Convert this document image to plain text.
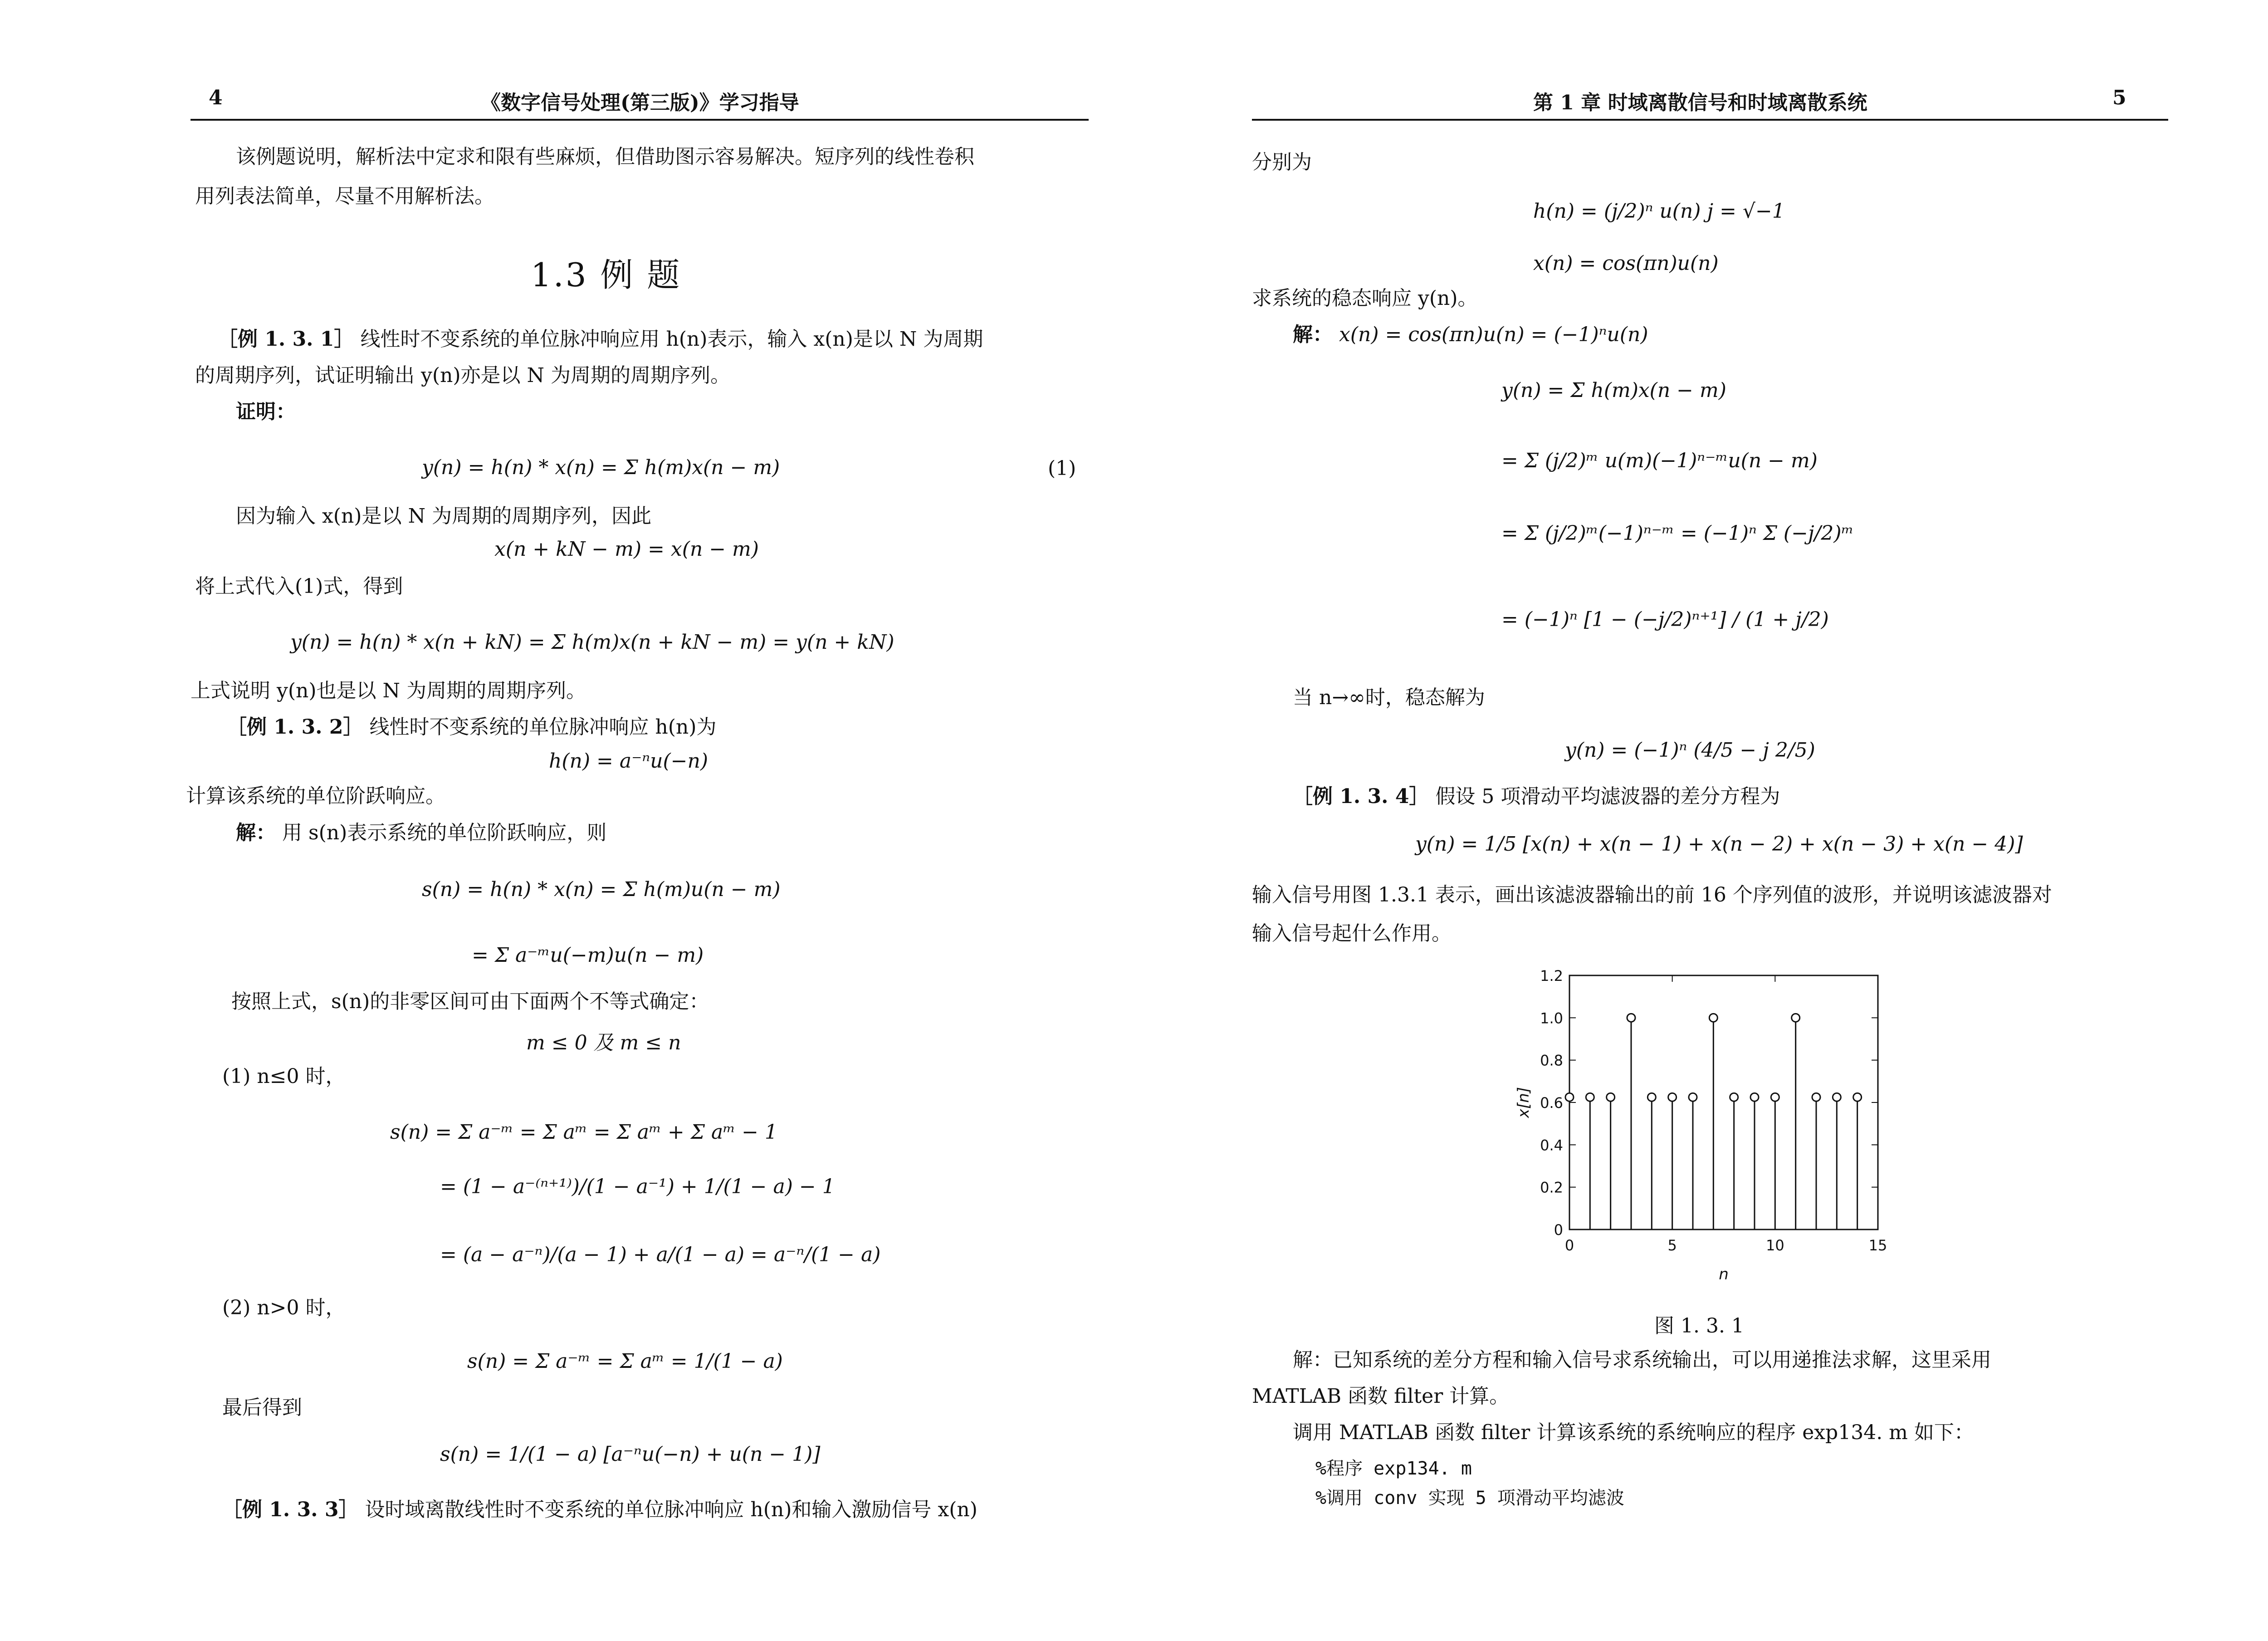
4	《数字信号处理(第三版)》学习指导
该例题说明，解析法中定求和限有些麻烦，但借助图示容易解决。短序列的线性卷积
用列表法简单，尽量不用解析法。
1.3 例 题
［例 1. 3. 1］ 线性时不变系统的单位脉冲响应用 h(n)表示，输入 x(n)是以 N 为周期
的周期序列，试证明输出 y(n)亦是以 N 为周期的周期序列。
证明：
y(n) = h(n) * x(n) = Σ h(m)x(n − m)	(1)
因为输入 x(n)是以 N 为周期的周期序列，因此
x(n + kN − m) = x(n − m)
将上式代入(1)式，得到
y(n) = h(n) * x(n + kN) = Σ h(m)x(n + kN − m) = y(n + kN)
上式说明 y(n)也是以 N 为周期的周期序列。
［例 1. 3. 2］ 线性时不变系统的单位脉冲响应 h(n)为
h(n) = a⁻ⁿu(−n)
计算该系统的单位阶跃响应。
解： 用 s(n)表示系统的单位阶跃响应，则
s(n) = h(n) * x(n) = Σ h(m)u(n − m)
= Σ a⁻ᵐu(−m)u(n − m)
按照上式，s(n)的非零区间可由下面两个不等式确定：
m ≤ 0 及 m ≤ n
(1) n≤0 时，
s(n) = Σ a⁻ᵐ = Σ aᵐ = Σ aᵐ + Σ aᵐ − 1
= (1 − a⁻⁽ⁿ⁺¹⁾)/(1 − a⁻¹) + 1/(1 − a) − 1
= (a − a⁻ⁿ)/(a − 1) + a/(1 − a) = a⁻ⁿ/(1 − a)
(2) n>0 时，
s(n) = Σ a⁻ᵐ = Σ aᵐ = 1/(1 − a)
最后得到
s(n) = 1/(1 − a) [a⁻ⁿu(−n) + u(n − 1)]
［例 1. 3. 3］ 设时域离散线性时不变系统的单位脉冲响应 h(n)和输入激励信号 x(n)
第 1 章 时域离散信号和时域离散系统	5
分别为
h(n) = (j/2)ⁿ u(n) j = √−1
x(n) = cos(πn)u(n)
求系统的稳态响应 y(n)。
解： x(n) = cos(πn)u(n) = (−1)ⁿu(n)
y(n) = Σ h(m)x(n − m)
= Σ (j/2)ᵐ u(m)(−1)ⁿ⁻ᵐu(n − m)
= Σ (j/2)ᵐ(−1)ⁿ⁻ᵐ = (−1)ⁿ Σ (−j/2)ᵐ
= (−1)ⁿ [1 − (−j/2)ⁿ⁺¹] / (1 + j/2)
当 n→∞时，稳态解为
y(n) = (−1)ⁿ (4/5 − j 2/5)
［例 1. 3. 4］ 假设 5 项滑动平均滤波器的差分方程为
y(n) = 1/5 [x(n) + x(n − 1) + x(n − 2) + x(n − 3) + x(n − 4)]
输入信号用图 1.3.1 表示，画出该滤波器输出的前 16 个序列值的波形，并说明该滤波器对
输入信号起什么作用。
0
0.2
0.4
0.6
0.8
1.0
1.2
0	5	10	15
n
x[n]
图 1. 3. 1
解：已知系统的差分方程和输入信号求系统输出，可以用递推法求解，这里采用
MATLAB 函数 filter 计算。
调用 MATLAB 函数 filter 计算该系统的系统响应的程序 exp134. m 如下：
%程序 exp134. m
%调用 conv 实现 5 项滑动平均滤波
